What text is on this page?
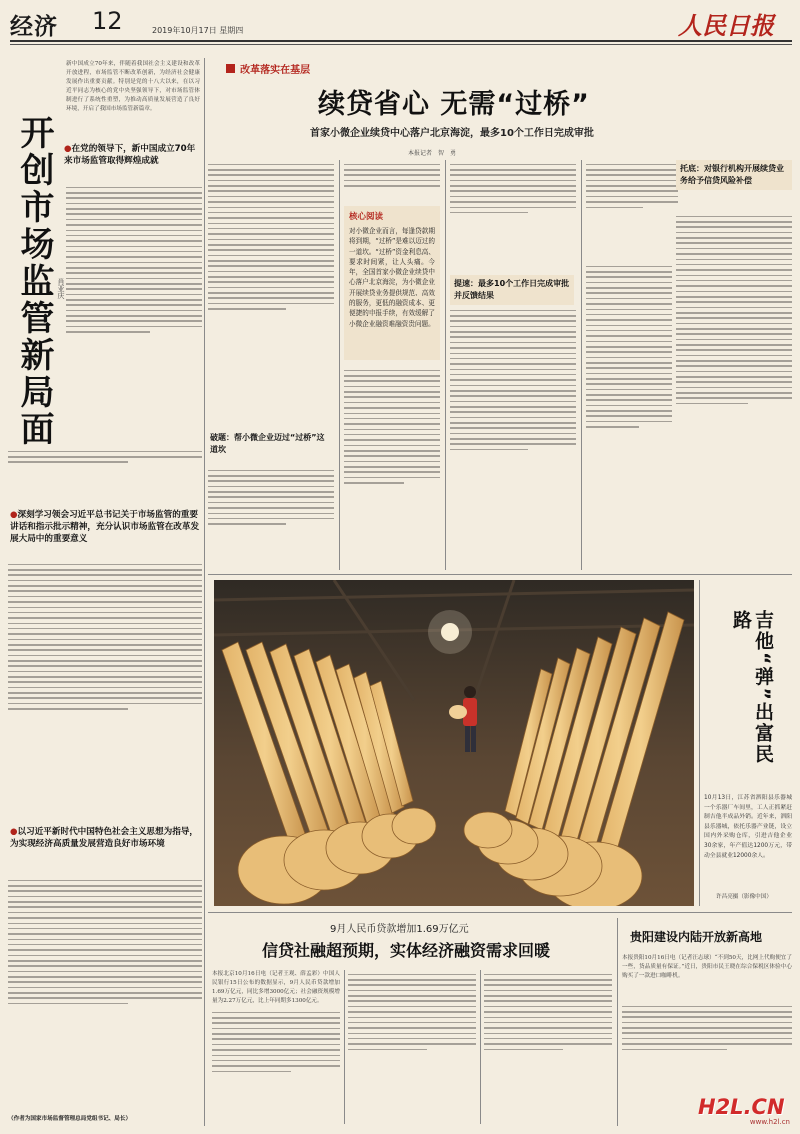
经济 12	2019年10月17日 星期四	人民日报
新中国成立70年来，伴随着我国社会主义建设和改革开放进程，市场监管不断改革创新，为经济社会健康发展作出重要贡献。特别是党的十八大以来，在以习近平同志为核心的党中央坚强领导下，对市场监管体制进行了系统性重塑，为推动高质量发展营造了良好环境，开启了我国市场监管新篇章。
开创市场监管新局面 肖亚庆
●在党的领导下，新中国成立70年来市场监管取得辉煌成就
●深刻学习领会习近平总书记关于市场监管的重要讲话和指示批示精神，充分认识市场监管在改革发展大局中的重要意义
●以习近平新时代中国特色社会主义思想为指导，为实现经济高质量发展营造良好市场环境
（作者为国家市场监督管理总局党组书记、局长）
改革落实在基层
续贷省心 无需“过桥”
首家小微企业续贷中心落户北京海淀，最多10个工作日完成审批
本报记者　智　勇
破题：帮小微企业迈过“过桥”这道坎
核心阅读
对小微企业而言，每逢贷款期将到期，“过桥”是难以迈过的一道坎。“过桥”资金利息高、要求时间紧，让人头痛。今年，全国首家小微企业续贷中心落户北京海淀，为小微企业开展续贷业务提供规范、高效的服务，更低的融资成本、更便捷的申报手续，有效缓解了小微企业融资难融资贵问题。
提速：最多10个工作日完成审批并反馈结果
托底：对银行机构开展续贷业务给予信贷风险补偿
吉他“弹”出富民路
10月13日，江苏省泗阳县乐器城一个乐器厂车间里，工人正抓紧赶制吉他半成品外销。近年来，泗阳县乐器城，依托乐器产业链，设立国内外采购仓库，引进吉他企业30余家，年产值达1200万元，带动全县就业12000余人。
许昌亮摄（影像中国）
9月人民币贷款增加1.69万亿元
信贷社融超预期，实体经济融资需求回暖
本报北京10月16日电（记者王观、薛孟彩）中国人民银行15日公布的数据显示，9月人民币贷款增加1.69万亿元，同比多增3000亿元；社会融资规模增量为2.27万亿元，比上年同期多1300亿元。
贵阳建设内陆开放新高地
本报贵阳10月16日电（记者汪志球）“不到50天，比网上代购便宜了一些，货品质量有保证。”近日，贵阳市民王晓在综合保税区体验中心购买了一款进口咖啡机。
H2L.CN
www.h2l.cn
